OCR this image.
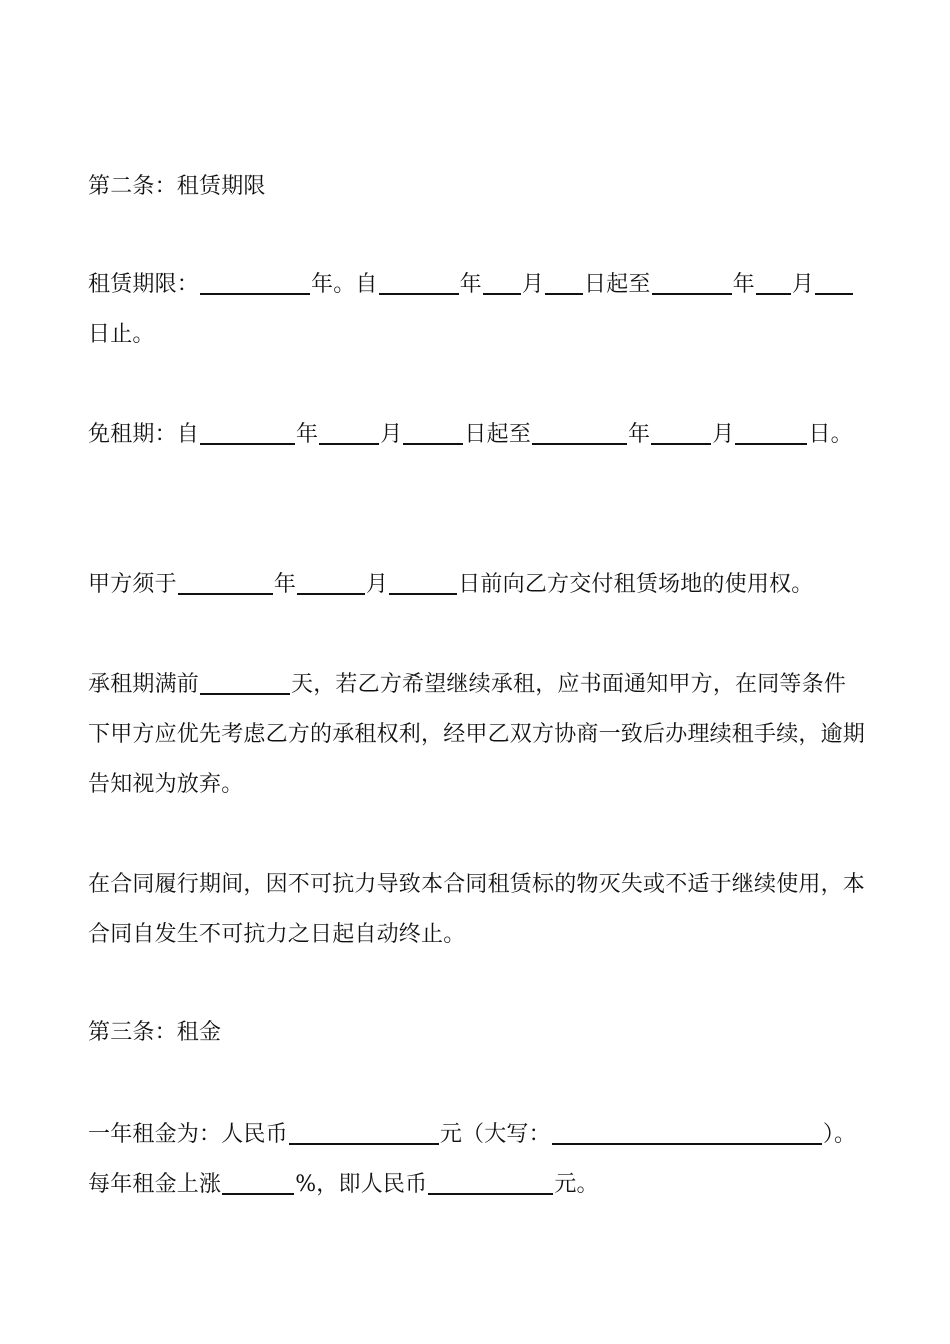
第二条：租赁期限
租赁期限：	年。自	年 月 日起至	年 月日止。
免租期：自	年	月	日起至	年	月	日。
甲方须于	年	月	日前向乙方交付租赁场地的使用权。
承租期满前	天，若乙方希望继续承租，应书面通知甲方，在同等条件下甲方应优先考虑乙方的承租权利，经甲乙双方协商一致后办理续租手续，逾期告知视为放弃。
在合同履行期间，因不可抗力导致本合同租赁标的物灭失或不适于继续使用，本合同自发生不可抗力之日起自动终止。
第三条：租金
一年租金为：人民币	元（大写：	）。每年租金上涨	%，即人民币	元。
